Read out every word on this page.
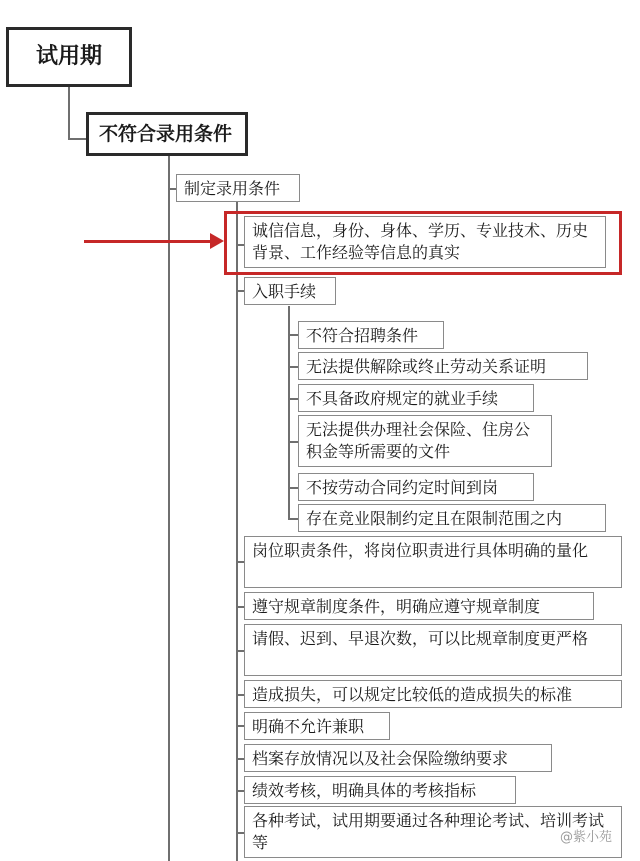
试用期
不符合录用条件
制定录用条件
诚信信息，身份、身体、学历、专业技术、历史背景、工作经验等信息的真实
入职手续
不符合招聘条件
无法提供解除或终止劳动关系证明
不具备政府规定的就业手续
无法提供办理社会保险、住房公积金等所需要的文件
不按劳动合同约定时间到岗
存在竞业限制约定且在限制范围之内
岗位职责条件，将岗位职责进行具体明确的量化
遵守规章制度条件，明确应遵守规章制度
请假、迟到、早退次数，可以比规章制度更严格
造成损失，可以规定比较低的造成损失的标准
明确不允许兼职
档案存放情况以及社会保险缴纳要求
绩效考核，明确具体的考核指标
各种考试，试用期要通过各种理论考试、培训考试等	@紫小苑
